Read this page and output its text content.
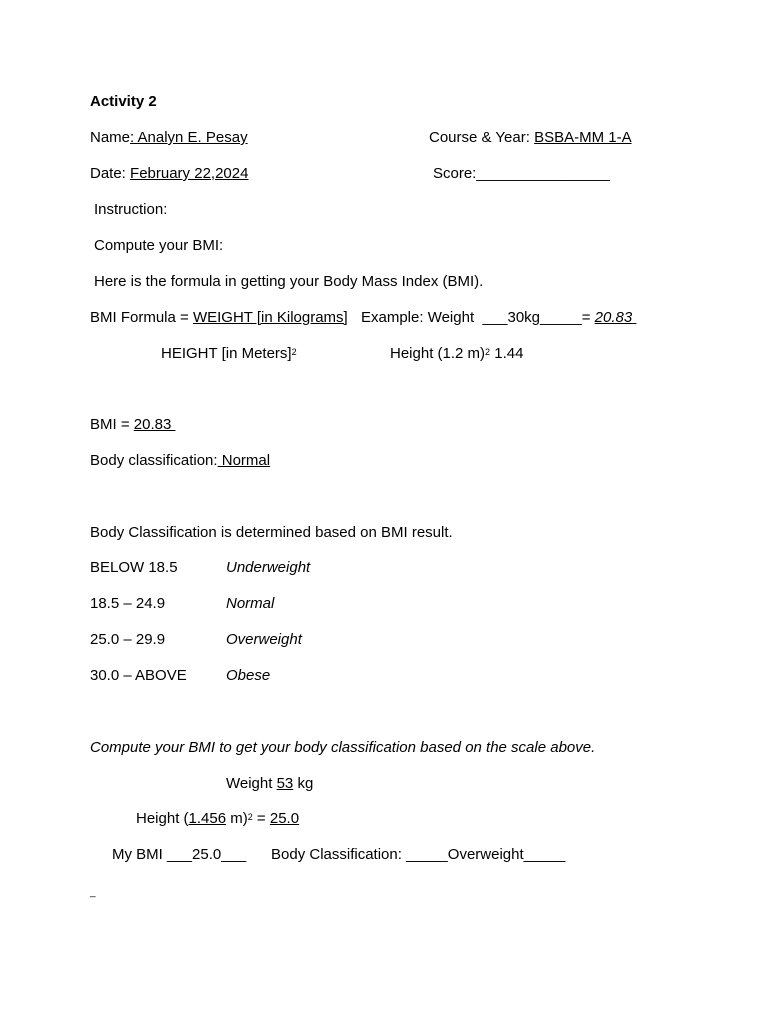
Activity 2
Name: Analyn E. Pesay	Course & Year: BSBA-MM 1-A
Date: February 22,2024	Score:________________
Instruction:
Compute your BMI:
Here is the formula in getting your Body Mass Index (BMI).
BMI Formula = WEIGHT [in Kilograms] Example: Weight  ___30kg_____= 20.83
HEIGHT [in Meters]$^2$	Height (1.2 m)$^2$ 1.44
BMI = 20.83
Body classification: Normal
Body Classification is determined based on BMI result.
BELOW 18.5	Underweight
18.5 – 24.9	Normal
25.0 – 29.9	Overweight
30.0 – ABOVE	Obese
Compute your BMI to get your body classification based on the scale above.
Weight 53 kg
Height (1.456 m)$^2$ = 25.0
My BMI ___25.0___ Body Classification: _____Overweight_____
_
